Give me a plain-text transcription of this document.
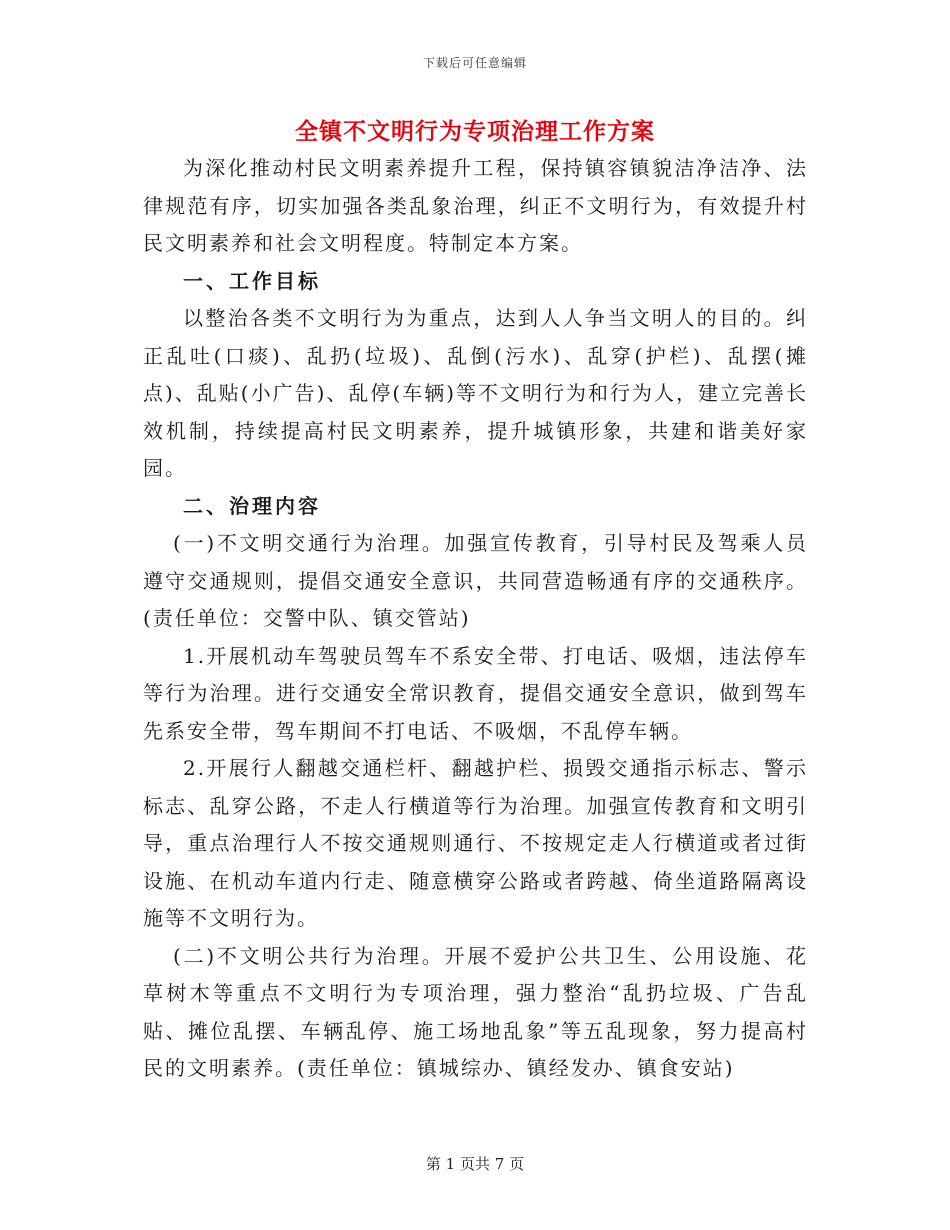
下载后可任意编辑
全镇不文明行为专项治理工作方案

为深化推动村民文明素养提升工程，保持镇容镇貌洁净洁净、法律规范有序，切实加强各类乱象治理，纠正不文明行为，有效提升村民文明素养和社会文明程度。特制定本方案。

一、工作目标

以整治各类不文明行为为重点，达到人人争当文明人的目的。纠正乱吐(口痰)、乱扔(垃圾)、乱倒(污水)、乱穿(护栏)、乱摆(摊点)、乱贴(小广告)、乱停(车辆)等不文明行为和行为人，建立完善长效机制，持续提高村民文明素养，提升城镇形象，共建和谐美好家园。

二、治理内容

(一)不文明交通行为治理。加强宣传教育，引导村民及驾乘人员遵守交通规则，提倡交通安全意识，共同营造畅通有序的交通秩序。(责任单位：交警中队、镇交管站)

1.开展机动车驾驶员驾车不系安全带、打电话、吸烟，违法停车等行为治理。进行交通安全常识教育，提倡交通安全意识，做到驾车先系安全带，驾车期间不打电话、不吸烟，不乱停车辆。

2.开展行人翻越交通栏杆、翻越护栏、损毁交通指示标志、警示标志、乱穿公路，不走人行横道等行为治理。加强宣传教育和文明引导，重点治理行人不按交通规则通行、不按规定走人行横道或者过街设施、在机动车道内行走、随意横穿公路或者跨越、倚坐道路隔离设施等不文明行为。

(二)不文明公共行为治理。开展不爱护公共卫生、公用设施、花草树木等重点不文明行为专项治理，强力整治“乱扔垃圾、广告乱贴、摊位乱摆、车辆乱停、施工场地乱象”等五乱现象，努力提高村民的文明素养。(责任单位：镇城综办、镇经发办、镇食安站)

第 1 页共 7 页
